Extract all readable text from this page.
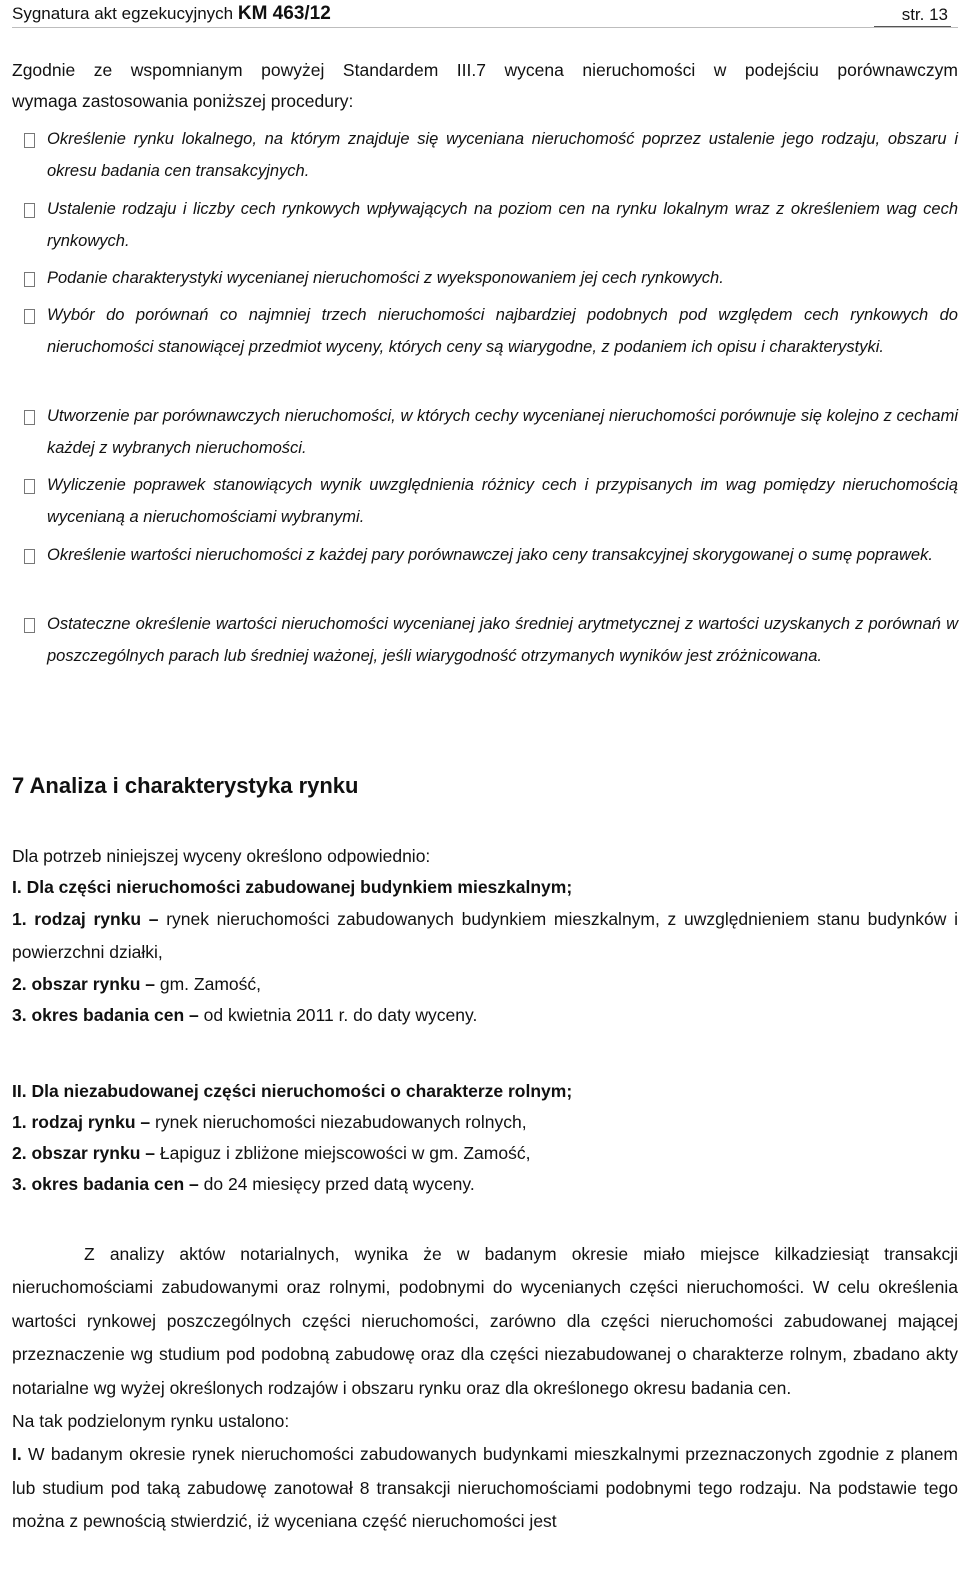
Sygnatura akt egzekucyjnych KM 463/12	str. 13
Zgodnie ze wspomnianym powyżej Standardem III.7 wycena nieruchomości w podejściu porównawczym
wymaga zastosowania poniższej procedury:
Określenie rynku lokalnego, na którym znajduje się wyceniana nieruchomość poprzez ustalenie jego rodzaju, obszaru i okresu badania cen transakcyjnych.
Ustalenie rodzaju i liczby cech rynkowych wpływających na poziom cen na rynku lokalnym wraz z określeniem wag cech rynkowych.
Podanie charakterystyki wycenianej nieruchomości z wyeksponowaniem jej cech rynkowych.
Wybór do porównań co najmniej trzech nieruchomości najbardziej podobnych pod względem cech rynkowych do nieruchomości stanowiącej przedmiot wyceny, których ceny są wiarygodne, z podaniem ich opisu i charakterystyki.
Utworzenie par porównawczych nieruchomości, w których cechy wycenianej nieruchomości porównuje się kolejno z cechami każdej z wybranych nieruchomości.
Wyliczenie poprawek stanowiących wynik uwzględnienia różnicy cech i przypisanych im wag pomiędzy nieruchomością wycenianą a nieruchomościami wybranymi.
Określenie wartości nieruchomości z każdej pary porównawczej jako ceny transakcyjnej skorygowanej o sumę poprawek.
Ostateczne określenie wartości nieruchomości wycenianej jako średniej arytmetycznej z wartości uzyskanych z porównań w poszczególnych parach lub średniej ważonej, jeśli wiarygodność otrzymanych wyników jest zróżnicowana.
7 Analiza i charakterystyka rynku
Dla potrzeb niniejszej wyceny określono odpowiednio:
I. Dla części nieruchomości zabudowanej budynkiem mieszkalnym;
1. rodzaj rynku – rynek nieruchomości zabudowanych budynkiem mieszkalnym, z uwzględnieniem stanu budynków i powierzchni działki,
2. obszar rynku – gm. Zamość,
3. okres badania cen – od kwietnia 2011 r. do daty wyceny.
II. Dla niezabudowanej części nieruchomości o charakterze rolnym;
1. rodzaj rynku – rynek nieruchomości niezabudowanych rolnych,
2. obszar rynku – Łapiguz i zbliżone miejscowości w gm. Zamość,
3. okres badania cen – do 24 miesięcy przed datą wyceny.
Z analizy aktów notarialnych, wynika że w badanym okresie miało miejsce kilkadziesiąt transakcji nieruchomościami zabudowanymi oraz rolnymi, podobnymi do wycenianych części nieruchomości. W celu określenia wartości rynkowej poszczególnych części nieruchomości, zarówno dla części nieruchomości zabudowanej mającej przeznaczenie wg studium pod podobną zabudowę oraz dla części niezabudowanej o charakterze rolnym, zbadano akty notarialne wg wyżej określonych rodzajów i obszaru rynku oraz dla określonego okresu badania cen.
Na tak podzielonym rynku ustalono:
I. W badanym okresie rynek nieruchomości zabudowanych budynkami mieszkalnymi przeznaczonych zgodnie z planem lub studium pod taką zabudowę zanotował 8 transakcji nieruchomościami podobnymi tego rodzaju. Na podstawie tego można z pewnością stwierdzić, iż wyceniana część nieruchomości jest
